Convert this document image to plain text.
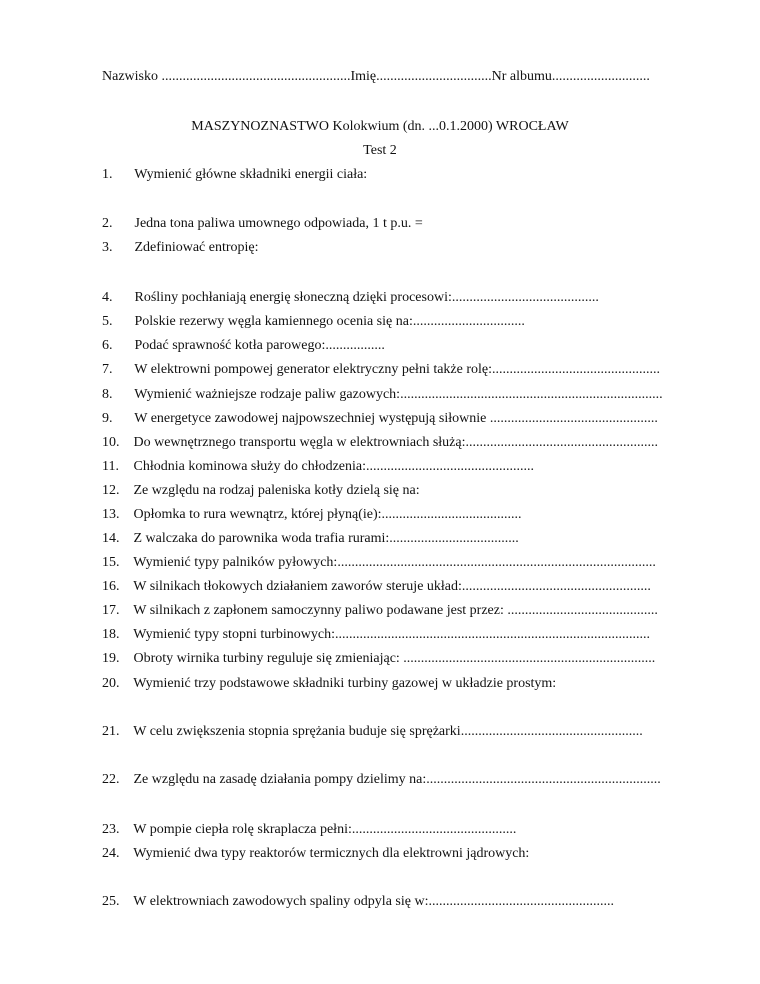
Nazwisko ......................................................Imię.................................Nr albumu............................
MASZYNOZNASTWO Kolokwium (dn. ...0.1.2000) WROCŁAW
Test 2
1. Wymienić główne składniki energii ciała:
2. Jedna tona paliwa umownego odpowiada, 1 t p.u. =
3. Zdefiniować entropię:
4. Rośliny pochłaniają energię słoneczną dzięki procesowi:..........................................
5. Polskie rezerwy węgla kamiennego ocenia się na:................................
6. Podać sprawność kotła parowego:.................
7. W elektrowni pompowej generator elektryczny pełni także rolę:................................................
8. Wymienić ważniejsze rodzaje paliw gazowych:...........................................................................
9. W energetyce zawodowej najpowszechniej występują siłownie ................................................
10. Do wewnętrznego transportu węgla w elektrowniach służą:.......................................................
11. Chłodnia kominowa służy do chłodzenia:................................................
12. Ze względu na rodzaj paleniska kotły dzielą się na:
13. Opłomka to rura wewnątrz, której płyną(ie):........................................
14. Z walczaka do parownika woda trafia rurami:.....................................
15. Wymienić typy palników pyłowych:...........................................................................................
16. W silnikach tłokowych działaniem zaworów steruje układ:......................................................
17. W silnikach z zapłonem samoczynny paliwo podawane jest przez: ...........................................
18. Wymienić typy stopni turbinowych:..........................................................................................
19. Obroty wirnika turbiny reguluje się zmieniając: ........................................................................
20. Wymienić trzy podstawowe składniki turbiny gazowej w układzie prostym:
21. W celu zwiększenia stopnia sprężania buduje się sprężarki....................................................
22. Ze względu na zasadę działania pompy dzielimy na:...................................................................
23. W pompie ciepła rolę skraplacza pełni:...............................................
24. Wymienić dwa typy reaktorów termicznych dla elektrowni jądrowych:
25. W elektrowniach zawodowych spaliny odpyla się w:.....................................................
